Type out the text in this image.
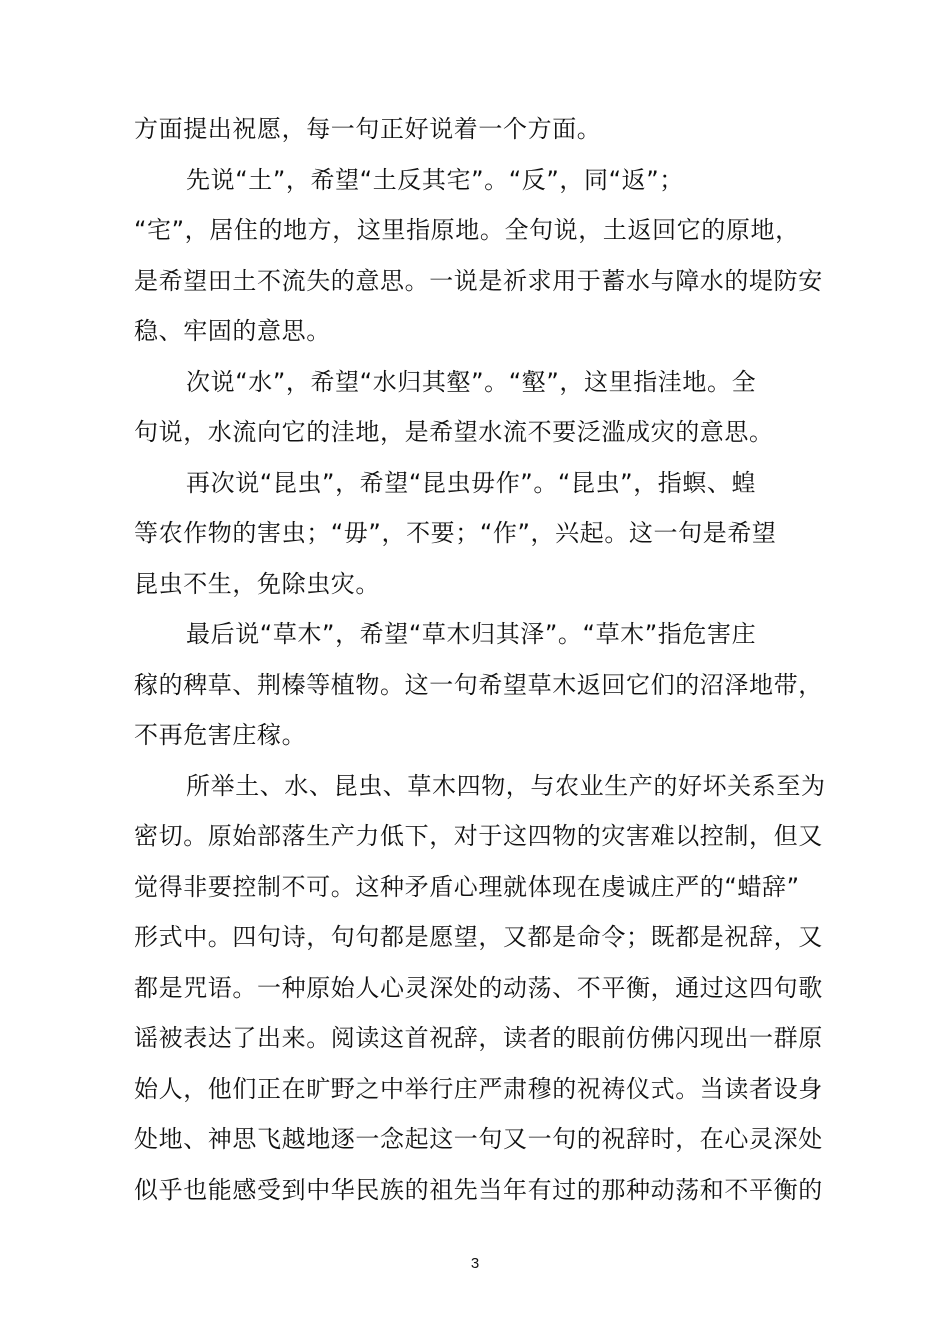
方面提出祝愿，每一句正好说着一个方面。
先说“土”，希望“土反其宅”。“反”，同“返”；
“宅”，居住的地方，这里指原地。全句说，土返回它的原地，
是希望田土不流失的意思。一说是祈求用于蓄水与障水的堤防安
稳、牢固的意思。
次说“水”，希望“水归其壑”。“壑”，这里指洼地。全
句说，水流向它的洼地，是希望水流不要泛滥成灾的意思。
再次说“昆虫”，希望“昆虫毋作”。“昆虫”，指螟、蝗
等农作物的害虫；“毋”，不要；“作”，兴起。这一句是希望
昆虫不生，免除虫灾。
最后说“草木”，希望“草木归其泽”。“草木”指危害庄
稼的稗草、荆榛等植物。这一句希望草木返回它们的沼泽地带，
不再危害庄稼。
所举土、水、昆虫、草木四物，与农业生产的好坏关系至为
密切。原始部落生产力低下，对于这四物的灾害难以控制，但又
觉得非要控制不可。这种矛盾心理就体现在虔诚庄严的“蜡辞”
形式中。四句诗，句句都是愿望，又都是命令；既都是祝辞，又
都是咒语。一种原始人心灵深处的动荡、不平衡，通过这四句歌
谣被表达了出来。阅读这首祝辞，读者的眼前仿佛闪现出一群原
始人，他们正在旷野之中举行庄严肃穆的祝祷仪式。当读者设身
处地、神思飞越地逐一念起这一句又一句的祝辞时，在心灵深处
似乎也能感受到中华民族的祖先当年有过的那种动荡和不平衡的
3
